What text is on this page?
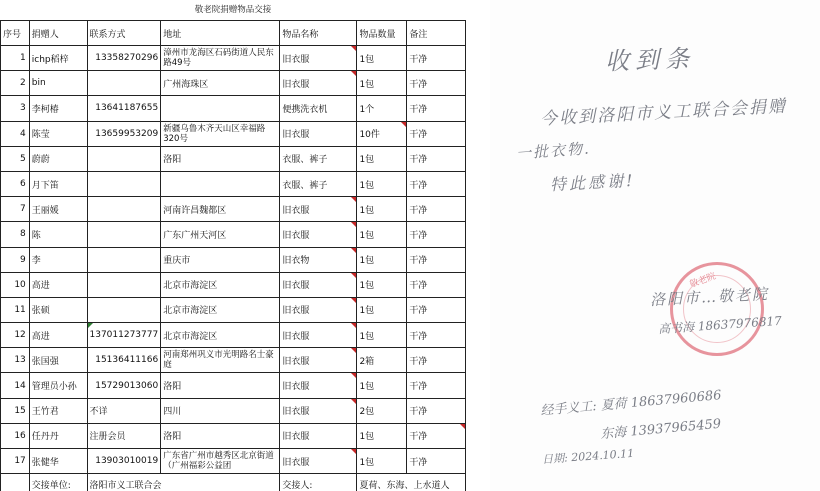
敬老院捐赠物品交接
序号	捐赠人	联系方式	地址	物品名称	物品数量	备注
1	ichp稻梓	13358270296	漳州市龙海区石码街道人民东路49号	旧衣服	1包	干净
2	bin		广州海珠区	旧衣服	1包	干净
3	李柯椿	13641187655		便携洗衣机	1个	干净
4	陈莹	13659953209	新疆乌鲁木齐天山区幸福路320号	旧衣服	10件	干净
5	蔚蔚		洛阳	衣服、裤子	1包	干净
6	月下笛			衣服、裤子	1包	干净
7	王丽媛		河南许昌魏都区	旧衣服	1包	干净
8	陈		广东广州天河区	旧衣服	1包	干净
9	李		重庆市	旧衣物	1包	干净
10	高进		北京市海淀区	旧衣服	1包	干净
11	张硕		北京市海淀区	旧衣服	1包	干净
12	高进	137011273777	北京市海淀区	旧衣服	1包	干净
13	张国强	15136411166	河南郑州巩义市光明路名士豪庭	旧衣服	2箱	干净
14	管理员小孙	15729013060	洛阳	旧衣服	1包	干净
15	王竹君	不详	四川	旧衣服	2包	干净
16	任丹丹	注册会员	洛阳	旧衣服	1包	干净
17	张健华	13903010019	广东省广州市越秀区北京街道（广州福彩公益团	旧衣服	1包	干净
	交接单位:	洛阳市义工联合会		交接人:	夏荷、东海、上水道人	
收到条
今收到洛阳市义工联合会捐赠
一批衣物.
特此感谢!
敬老院
洛阳市…敬老院
高书海 18637976817
经手义工: 夏荷 18637960686
东海 13937965459
日期: 2024.10.11
